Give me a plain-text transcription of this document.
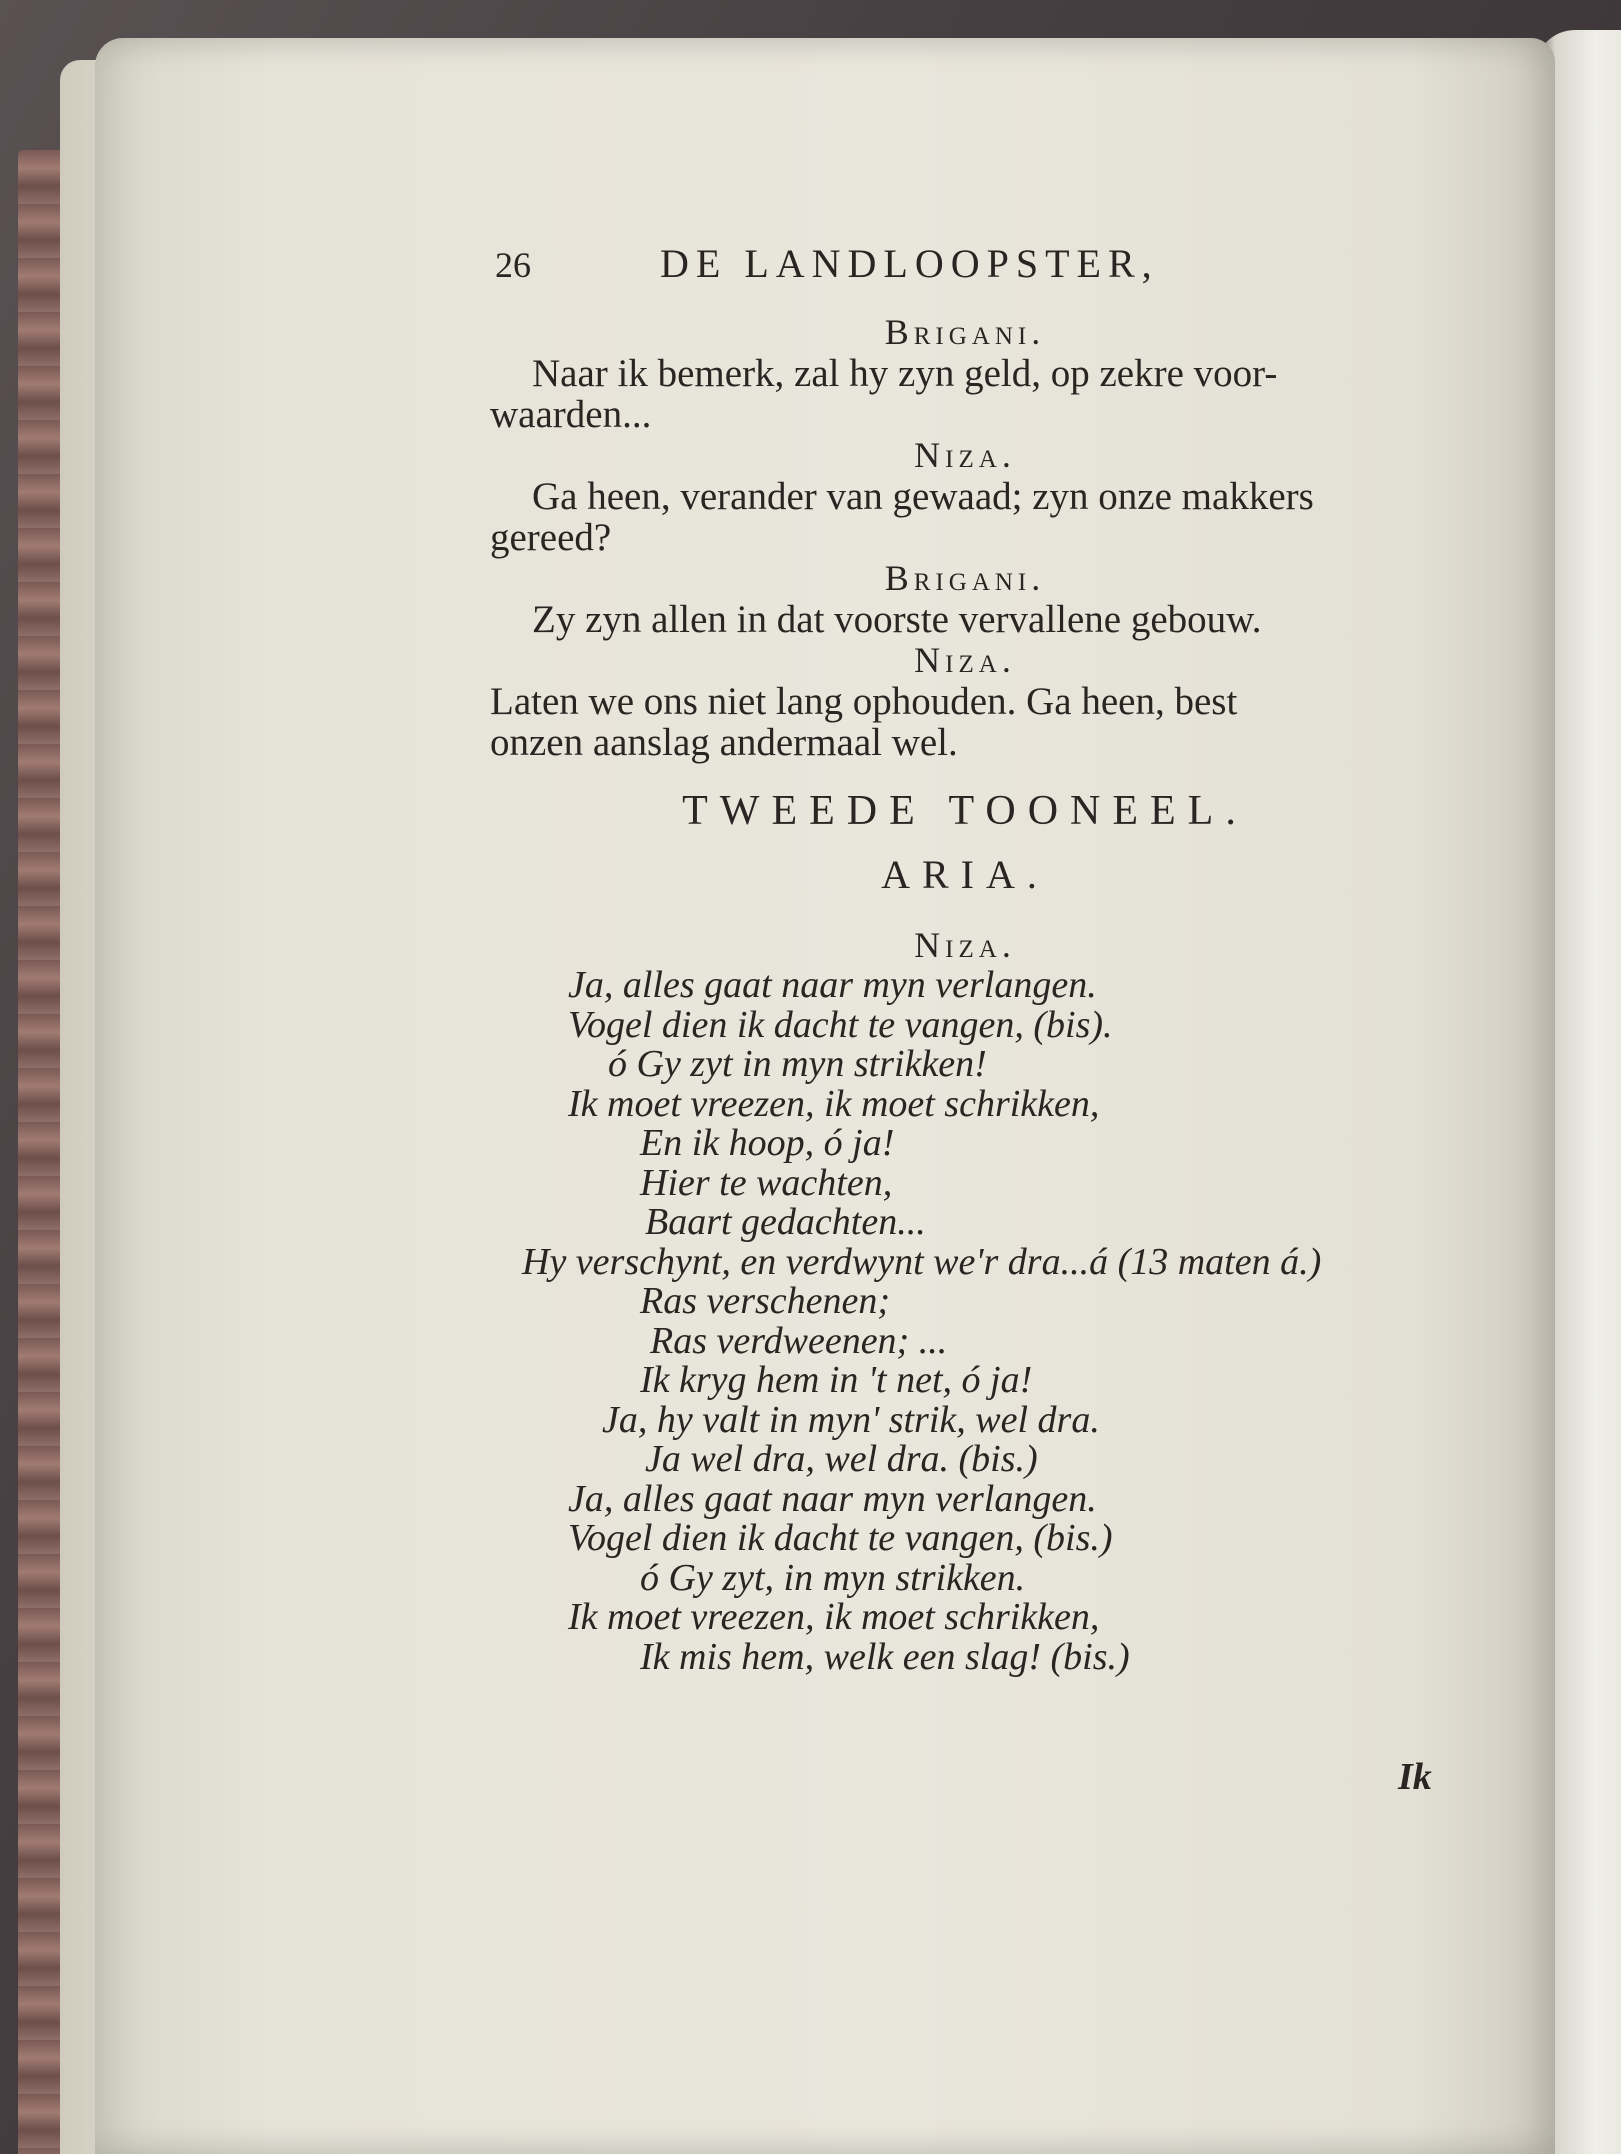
26	DE LANDLOOPSTER,
Brigani.
Naar ik bemerk, zal hy zyn geld, op zekre voor-
waarden...
Niza.
Ga heen, verander van gewaad; zyn onze makkers
gereed?
Brigani.
Zy zyn allen in dat voorste vervallene gebouw.
Niza.
Laten we ons niet lang ophouden. Ga heen, best
onzen aanslag andermaal wel.
TWEEDE TOONEEL.
ARIA.
Niza.
Ja, alles gaat naar myn verlangen.
Vogel dien ik dacht te vangen, (bis).
ó Gy zyt in myn strikken!
Ik moet vreezen, ik moet schrikken,
En ik hoop, ó ja!
Hier te wachten,
Baart gedachten...
Hy verschynt, en verdwynt we'r dra...á (13 maten á.)
Ras verschenen;
Ras verdweenen; ...
Ik kryg hem in 't net, ó ja!
Ja, hy valt in myn' strik, wel dra.
Ja wel dra, wel dra. (bis.)
Ja, alles gaat naar myn verlangen.
Vogel dien ik dacht te vangen, (bis.)
ó Gy zyt, in myn strikken.
Ik moet vreezen, ik moet schrikken,
Ik mis hem, welk een slag! (bis.)
Ik
